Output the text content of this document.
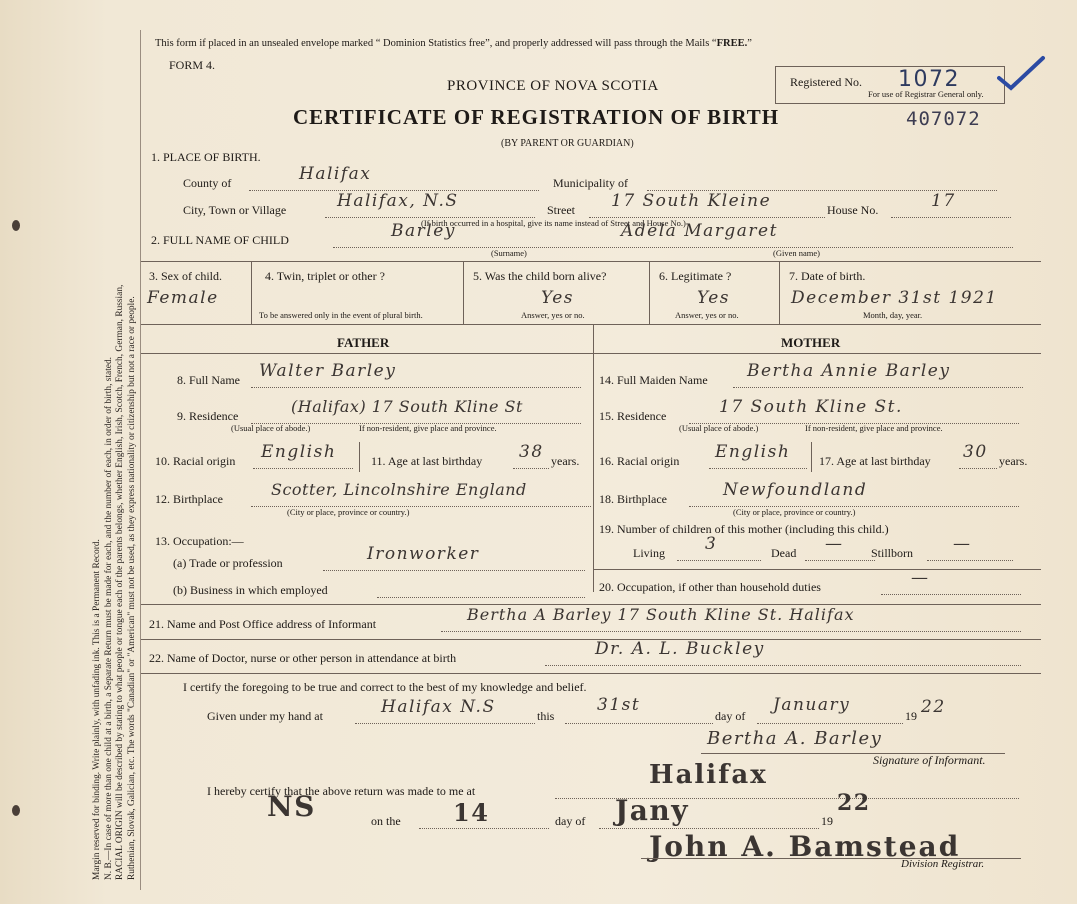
Margin reserved for binding. Write plainly, with unfading ink. This is a Permanent Record. N. B.—In case of more than one child at a birth, a Separate Return must be made for each, and the number of each, in order of birth, stated. RACIAL ORIGIN will be described by stating to what people or tongue each of the parents belongs, whether English, Irish, Scotch, French, German, Russian, Ruthenian, Slovak, Galician, etc. The words "Canadian" or "American" must not be used, as they express nationality or citizenship but not a race or people.
This form if placed in an unsealed envelope marked “ Dominion Statistics free”, and properly addressed will pass through the Mails “FREE.”
FORM 4.
PROVINCE OF NOVA SCOTIA	Registered No. 1072
For use of Registrar General only.
CERTIFICATE OF REGISTRATION OF BIRTH	407072
(BY PARENT OR GUARDIAN)
1. PLACE OF BIRTH.
County of	Halifax	Municipality of
City, Town or Village	Halifax, N.S	Street 17 South Kleine	House No.	17
(If birth occurred in a hospital, give its name instead of Street and House No.)
2. FULL NAME OF CHILD	Barley
(Surname)
Adela Margaret
(Given name)
3. Sex of child.
Female
4. Twin, triplet or other ?
To be answered only in the event of plural birth.
5. Was the child born alive?
Yes
Answer, yes or no.
6. Legitimate ?
Yes
Answer, yes or no.
7. Date of birth.
December 31st 1921
Month, day, year.
FATHER	MOTHER
8. Full Name Walter Barley
9. Residence	(Halifax) 17 South Kline St
(Usual place of abode.)	If non-resident, give place and province.
10. Racial origin English	11. Age at last birthday 38 years.
12. Birthplace	Scotter, Lincolnshire England
(City or place, province or country.)
13. Occupation:—
(a) Trade or profession	Ironworker
(b) Business in which employed
14. Full Maiden Name Bertha Annie Barley
15. Residence	17 South Kline St.
(Usual place of abode.)	If non-resident, give place and province.
16. Racial origin English 17. Age at last birthday 30 years.
18. Birthplace	Newfoundland
(City or place, province or country.)
19. Number of children of this mother (including this child.)
Living 3	Dead — Stillborn —
20. Occupation, if other than household duties	—
21. Name and Post Office address of Informant	Bertha A Barley 17 South Kline St. Halifax
22. Name of Doctor, nurse or other person in attendance at birth	Dr. A. L. Buckley
I certify the foregoing to be true and correct to the best of my knowledge and belief.
Given under my hand at	Halifax N.S	this
31st
day of
January
19 22
Bertha A. Barley
Signature of Informant.
I hereby certify that the above return was made to me at
Halifax
NS	on the 14	day of Jany	19
22
John A. Bamstead
Division Registrar.
